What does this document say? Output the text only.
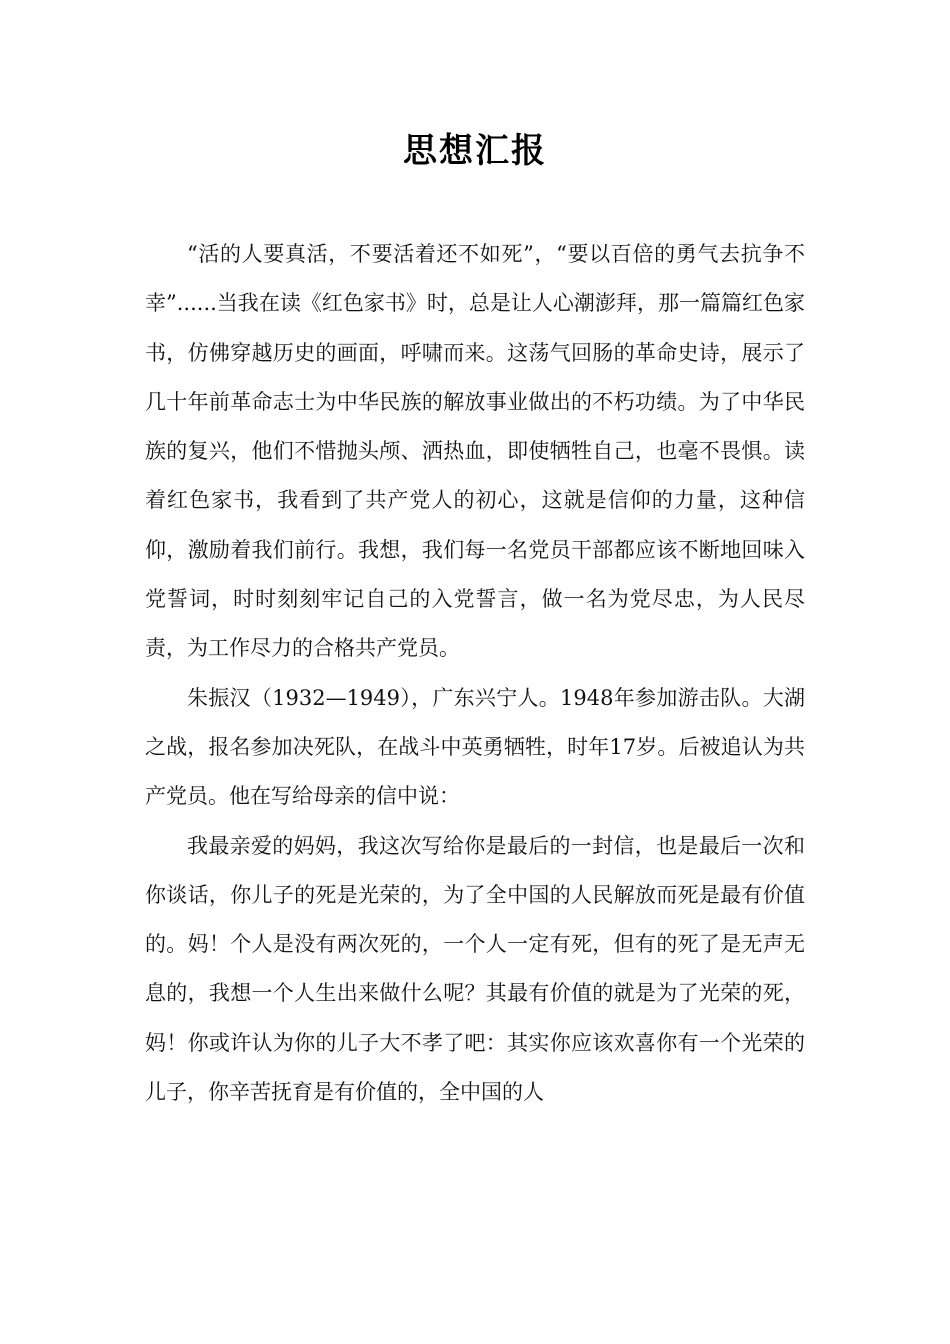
思想汇报

“活的人要真活，不要活着还不如死”，“要以百倍的勇气去抗争不幸”......当我在读《红色家书》时，总是让人心潮澎拜，那一篇篇红色家书，仿佛穿越历史的画面，呼啸而来。这荡气回肠的革命史诗，展示了几十年前革命志士为中华民族的解放事业做出的不朽功绩。为了中华民族的复兴，他们不惜抛头颅、洒热血，即使牺牲自己，也毫不畏惧。读着红色家书，我看到了共产党人的初心，这就是信仰的力量，这种信仰，激励着我们前行。我想，我们每一名党员干部都应该不断地回味入党誓词，时时刻刻牢记自己的入党誓言，做一名为党尽忠，为人民尽责，为工作尽力的合格共产党员。

朱振汉（1932—1949），广东兴宁人。1948年参加游击队。大湖之战，报名参加决死队，在战斗中英勇牺牲，时年17岁。后被追认为共产党员。他在写给母亲的信中说：

我最亲爱的妈妈，我这次写给你是最后的一封信，也是最后一次和你谈话，你儿子的死是光荣的，为了全中国的人民解放而死是最有价值的。妈！个人是没有两次死的，一个人一定有死，但有的死了是无声无息的，我想一个人生出来做什么呢？其最有价值的就是为了光荣的死，妈！你或许认为你的儿子大不孝了吧：其实你应该欢喜你有一个光荣的儿子，你辛苦抚育是有价值的，全中国的人
